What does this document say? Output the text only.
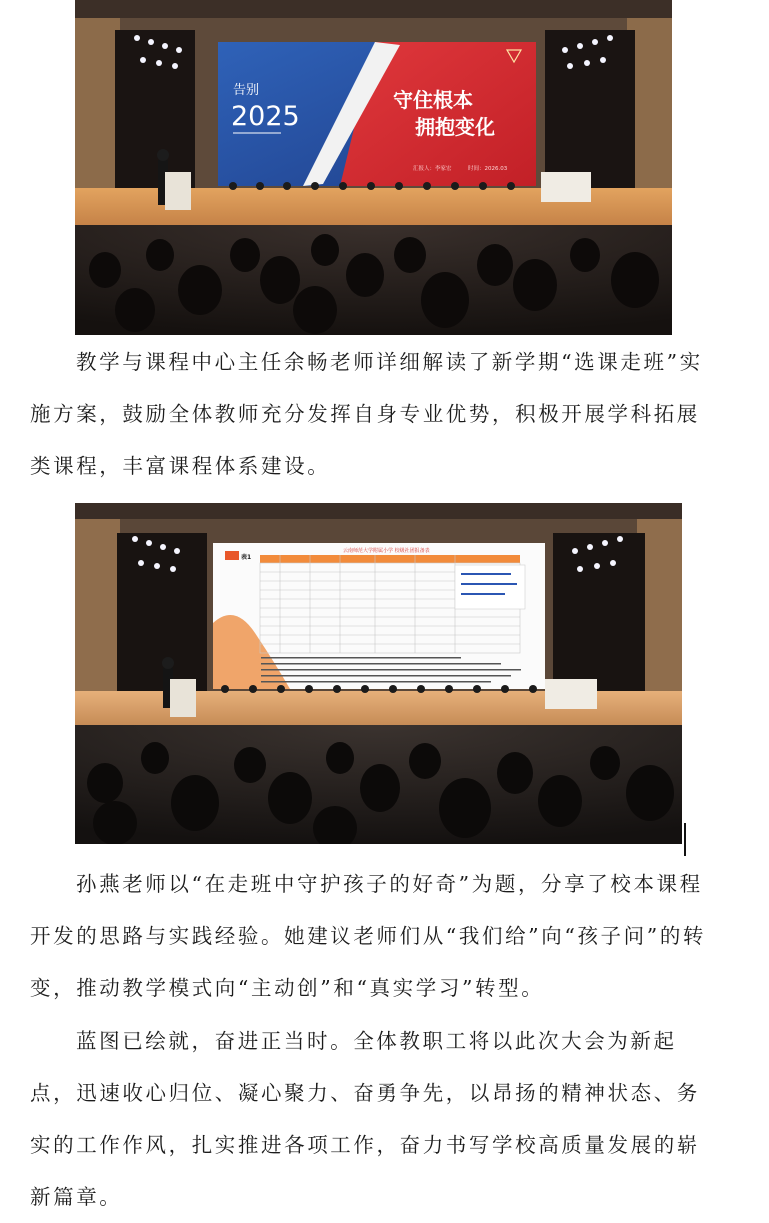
告别
2025
守住根本
拥抱变化
汇报人：李家宏	时间：2026.03

教学与课程中心主任余畅老师详细解读了新学期“选课走班”实施方案，鼓励全体教师充分发挥自身专业优势，积极开展学科拓展类课程，丰富课程体系建设。

表1
云南师范大学附属小学 校级社团报备表

孙燕老师以“在走班中守护孩子的好奇”为题，分享了校本课程开发的思路与实践经验。她建议老师们从“我们给”向“孩子问”的转变，推动教学模式向“主动创”和“真实学习”转型。

蓝图已绘就，奋进正当时。全体教职工将以此次大会为新起点，迅速收心归位、凝心聚力、奋勇争先，以昂扬的精神状态、务实的工作作风，扎实推进各项工作，奋力书写学校高质量发展的崭新篇章。
